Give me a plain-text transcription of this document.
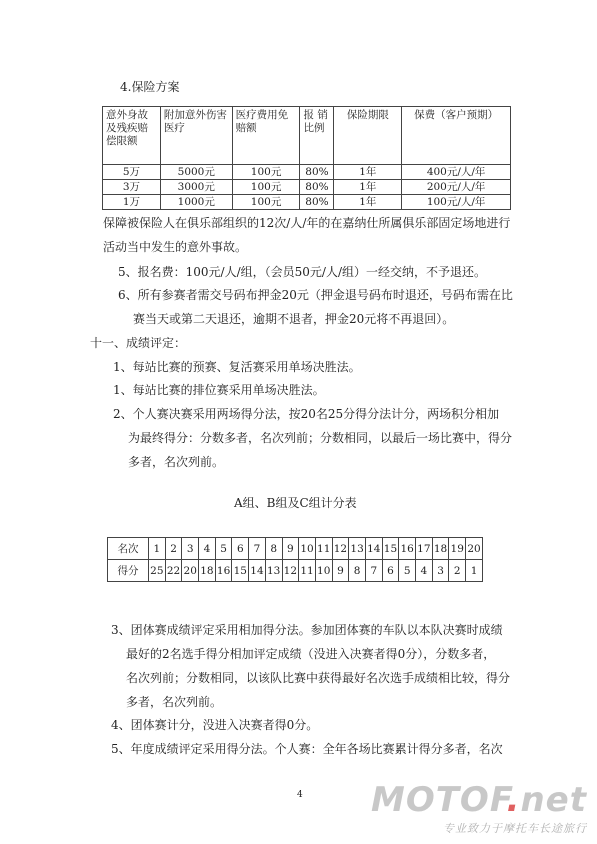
4.保险方案
意外身故及残疾赔偿限额	附加意外伤害医疗	医疗费用免赔额	报 销比例	保险期限	保费（客户预期）
5万	5000元	100元	80%	1年	400元/人/年
3万	3000元	100元	80%	1年	200元/人/年
1万	1000元	100元	80%	1年	100元/人/年
保障被保险人在俱乐部组织的12次/人/年的在嘉纳仕所属俱乐部固定场地进行
活动当中发生的意外事故。
5、报名费：100元/人/组，（会员50元/人/组）一经交纳，不予退还。
6、所有参赛者需交号码布押金20元（押金退号码布时退还，号码布需在比
赛当天或第二天退还，逾期不退者，押金20元将不再退回）。
十一、成绩评定：
1、每站比赛的预赛、复活赛采用单场决胜法。
1、每站比赛的排位赛采用单场决胜法。
2、个人赛决赛采用两场得分法，按20名25分得分法计分，两场积分相加
为最终得分：分数多者，名次列前；分数相同，以最后一场比赛中，得分
多者，名次列前。
A组、B组及C组计分表
名次	1	2	3	4	5	6	7	8	9	10	11	12	13	14	15	16	17	18	19	20
得分	25	22	20	18	16	15	14	13	12	11	10	9	8	7	6	5	4	3	2	1
3、团体赛成绩评定采用相加得分法。参加团体赛的车队以本队决赛时成绩
最好的2名选手得分相加评定成绩（没进入决赛者得0分），分数多者，
名次列前；分数相同，以该队比赛中获得最好名次选手成绩相比较，得分
多者，名次列前。
4、团体赛计分，没进入决赛者得0分。
5、年度成绩评定采用得分法。个人赛：全年各场比赛累计得分多者，名次
4 MOTOF.net
专业致力于摩托车长途旅行
